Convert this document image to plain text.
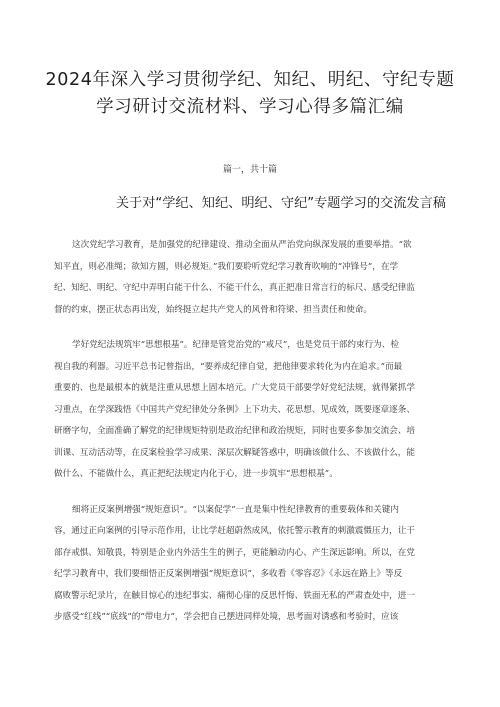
2024年深入学习贯彻学纪、知纪、明纪、守纪专题
学习研讨交流材料、学习心得多篇汇编
篇一，共十篇
关于对“学纪、知纪、明纪、守纪”专题学习的交流发言稿

这次党纪学习教育，是加强党的纪律建设、推动全面从严治党向纵深发展的重要举措。“欲
知平直，则必准绳；欲知方圆，则必规矩。”我们要聆听党纪学习教育吹响的“冲锋号”，在学
纪、知纪、明纪、守纪中弄明白能干什么、不能干什么，真正把准日常言行的标尺、感受纪律监
督的约束，摆正状态再出发，始终挺立起共产党人的风骨和符梁、担当责任和使命。

学好党纪法规筑牢“思想根基”。纪律是管党治党的“戒尺”，也是党员干部约束行为、检
视自我的利器。习近平总书记曾指出，“要养成纪律自觉，把他律要求转化为内在追求。”而最
重要的、也是最根本的就是注重从思想上固本培元。广大党员干部要学好党纪法规，就得紧抓学
习重点，在学深践悟《中国共产党纪律处分条例》上下功夫、花思想、见成效，既要逐章逐条、
研磨字句，全面准确了解党的纪律规矩特别是政治纪律和政治规矩，同时也要多参加交流会、培
训课、互动活动等，在反案检验学习成果、深层次解疑答惑中，明确该做什么、不该做什么，能
做什么、不能做什么，真正把纪法规定内化于心，进一步筑牢“思想根基”。

细将正反案例增强“规矩意识”。“以案促学”一直是集中性纪律教育的重要载体和关键内
容，通过正向案例的引导示范作用，让比学赶超蔚然成风，依托警示教育的刺激震慑压力，让干
部存戒惧、知敬畏，特别是企业内外活生生的例子，更能触动内心、产生深远影响。所以，在党
纪学习教育中，我们要细悟正反案例增强“规矩意识”，多收看《零容忍》《永远在路上》等反
腐败警示纪录片，在触目惊心的违纪事实、痛彻心扉的反思忏悔、铁面无私的严肃查处中，进一
步感受“红线”“底线”的“带电力”，学会把自己摆进同样处境，思考面对诱惑和考验时，应该
